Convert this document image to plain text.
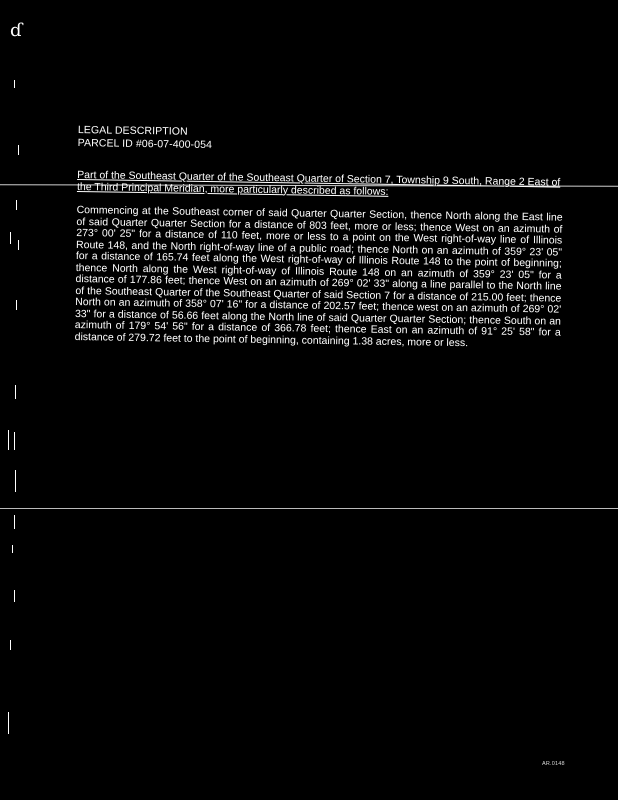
ɗ

LEGAL DESCRIPTION

PARCEL ID #06-07-400-054

Part of the Southeast Quarter of the Southeast Quarter of Section 7, Township 9 South, Range 2 East of the Third Principal Meridian, more particularly described as follows:
Commencing at the Southeast corner of said Quarter Quarter Section, thence North along the East line of said Quarter Quarter Section for a distance of 803 feet, more or less; thence West on an azimuth of 273° 00' 25" for a distance of 110 feet, more or less to a point on the West right-of-way line of Illinois Route 148, and the North right-of-way line of a public road; thence North on an azimuth of 359° 23' 05" for a distance of 165.74 feet along the West right-of-way of Illinois Route 148 to the point of beginning; thence North along the West right-of-way of Illinois Route 148 on an azimuth of 359° 23' 05" for a distance of 177.86 feet; thence West on an azimuth of 269° 02' 33" along a line parallel to the North line of the Southeast Quarter of the Southeast Quarter of said Section 7 for a distance of 215.00 feet; thence North on an azimuth of 358° 07' 16" for a distance of 202.57 feet; thence west on an azimuth of 269° 02' 33" for a distance of 56.66 feet along the North line of said Quarter Quarter Section; thence South on an azimuth of 179° 54' 56" for a distance of 366.78 feet; thence East on an azimuth of 91° 25' 58" for a distance of 279.72 feet to the point of beginning, containing 1.38 acres, more or less.
AR.0148
